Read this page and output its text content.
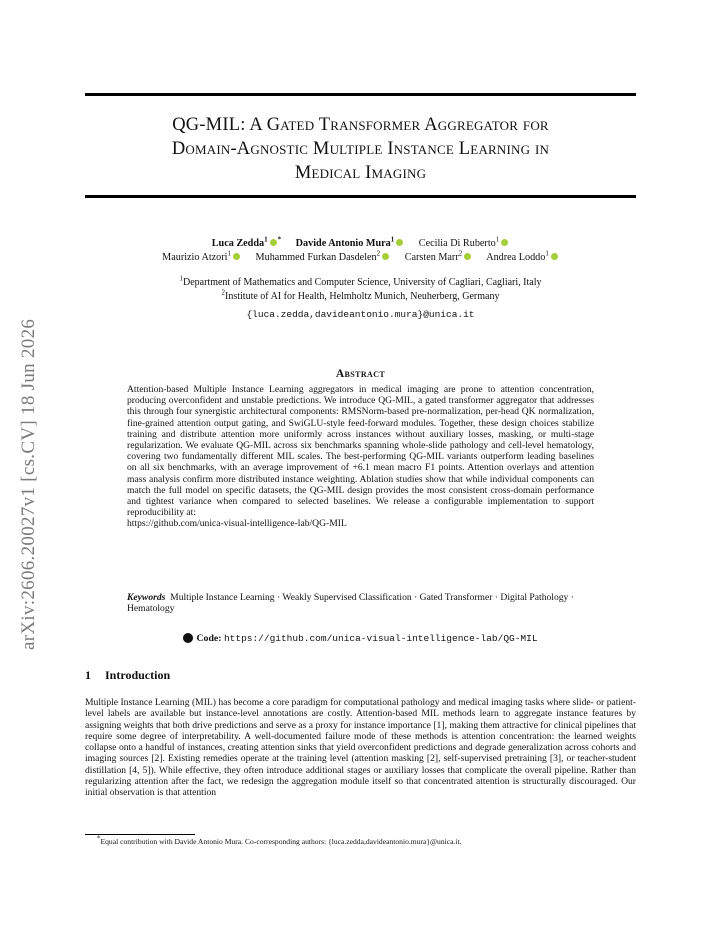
arXiv:2606.20027v1 [cs.CV] 18 Jun 2026
QG-MIL: A Gated Transformer Aggregator for
Domain-Agnostic Multiple Instance Learning in
Medical Imaging
Luca Zedda$^1$ * Davide Antonio Mura$^1$ Cecilia Di Ruberto$^1$
Maurizio Atzori$^1$ Muhammed Furkan Dasdelen$^2$ Carsten Marr$^2$ Andrea Loddo$^1$
$^1$Department of Mathematics and Computer Science, University of Cagliari, Cagliari, Italy
$^2$Institute of AI for Health, Helmholtz Munich, Neuherberg, Germany
{luca.zedda,davideantonio.mura}@unica.it
Abstract

Attention-based Multiple Instance Learning aggregators in medical imaging are prone to attention concentration, producing overconfident and unstable predictions. We introduce QG-MIL, a gated transformer aggregator that addresses this through four synergistic architectural components: RMSNorm-based pre-normalization, per-head QK normalization, fine-grained attention output gating, and SwiGLU-style feed-forward modules. Together, these design choices stabilize training and distribute attention more uniformly across instances without auxiliary losses, masking, or multi-stage regularization. We evaluate QG-MIL across six benchmarks spanning whole-slide pathology and cell-level hematology, covering two fundamentally different MIL scales. The best-performing QG-MIL variants outperform leading baselines on all six benchmarks, with an average improvement of +6.1 mean macro F1 points. Attention overlays and attention mass analysis confirm more distributed instance weighting. Ablation studies show that while individual components can match the full model on specific datasets, the QG-MIL design provides the most consistent cross-domain performance and tightest variance when compared to selected baselines. We release a configurable implementation to support reproducibility at:
https://github.com/unica-visual-intelligence-lab/QG-MIL

Keywords Multiple Instance Learning · Weakly Supervised Classification · Gated Transformer · Digital Pathology · Hematology

Code: https://github.com/unica-visual-intelligence-lab/QG-MIL
1 Introduction

Multiple Instance Learning (MIL) has become a core paradigm for computational pathology and medical imaging tasks where slide- or patient-level labels are available but instance-level annotations are costly. Attention-based MIL methods learn to aggregate instance features by assigning weights that both drive predictions and serve as a proxy for instance importance [1], making them attractive for clinical pipelines that require some degree of interpretability. A well-documented failure mode of these methods is attention concentration: the learned weights collapse onto a handful of instances, creating attention sinks that yield overconfident predictions and degrade generalization across cohorts and imaging sources [2]. Existing remedies operate at the training level (attention masking [2], self-supervised pretraining [3], or teacher-student distillation [4, 5]). While effective, they often introduce additional stages or auxiliary losses that complicate the overall pipeline. Rather than regularizing attention after the fact, we redesign the aggregation module itself so that concentrated attention is structurally discouraged. Our initial observation is that attention

*Equal contribution with Davide Antonio Mura. Co-corresponding authors: {luca.zedda,davideantonio.mura}@unica.it.
